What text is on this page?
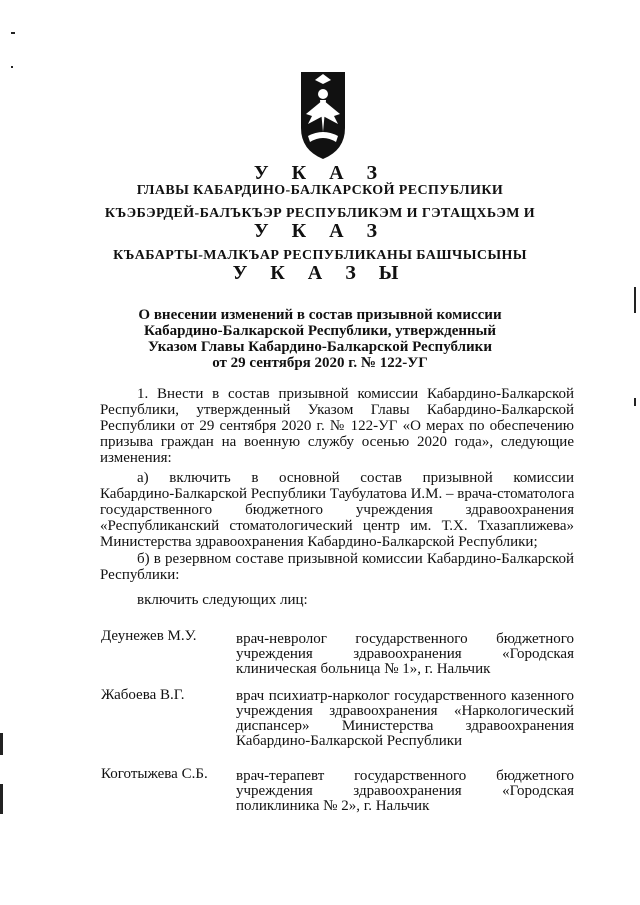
У К А З
ГЛАВЫ КАБАРДИНО-БАЛКАРСКОЙ РЕСПУБЛИКИ
КЪЭБЭРДЕЙ-БАЛЪКЪЭР РЕСПУБЛИКЭМ И ГЭТАЩХЬЭМ И
У К А З
КЪАБАРТЫ-МАЛКЪАР РЕСПУБЛИКАНЫ БАШЧЫСЫНЫ
У К А З Ы
О внесении изменений в состав призывной комиссии
Кабардино-Балкарской Республики, утвержденный
Указом Главы Кабардино-Балкарской Республики
от 29 сентября 2020 г. № 122-УГ
1. Внести в состав призывной комиссии Кабардино-Балкарской
Республики, утвержденный Указом Главы Кабардино-Балкарской
Республики от 29 сентября 2020 г. № 122-УГ «О мерах по обеспечению
призыва граждан на военную службу осенью 2020 года», следующие
изменения:
а) включить в основной состав призывной комиссии
Кабардино-Балкарской Республики Таубулатова И.М. – врача-стоматолога
государственного бюджетного учреждения здравоохранения
«Республиканский стоматологический центр им. Т.Х. Тхазаплижева»
Министерства здравоохранения Кабардино-Балкарской Республики;
б) в резервном составе призывной комиссии Кабардино-Балкарской
Республики:
включить следующих лиц:
Деунежев М.У.	врач-невролог государственного бюджетного
учреждения здравоохранения «Городская
клиническая больница № 1», г. Нальчик
Жабоева В.Г.	врач психиатр-нарколог государственного казенного
учреждения здравоохранения «Наркологический
диспансер» Министерства здравоохранения
Кабардино-Балкарской Республики
Коготыжева С.Б. врач-терапевт государственного бюджетного
учреждения здравоохранения «Городская
поликлиника № 2», г. Нальчик
